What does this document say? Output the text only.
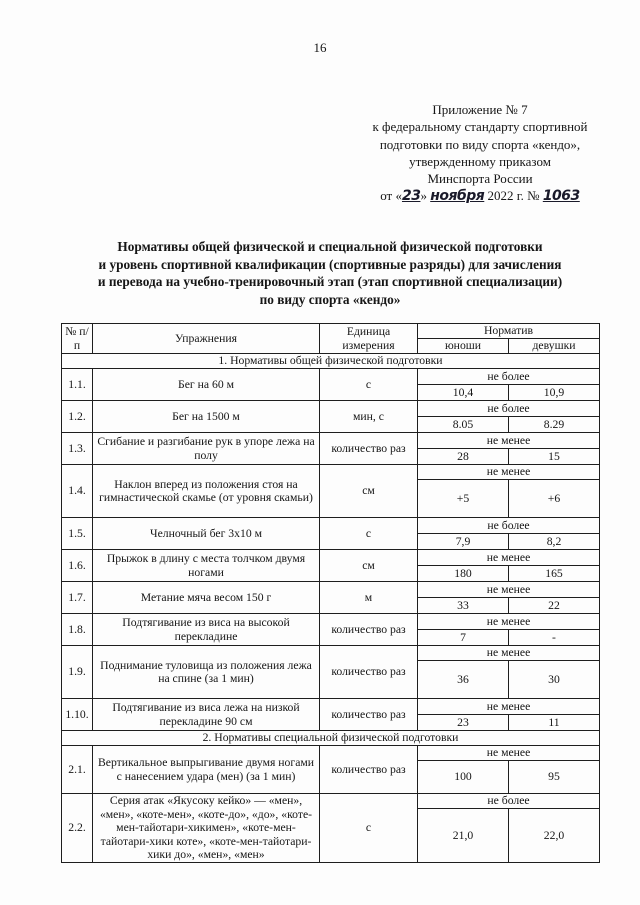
16
Приложение № 7
к федеральному стандарту спортивной
подготовки по виду спорта «кендо»,
утвержденному приказом
Минспорта России
от «23» ноября 2022 г. № 1063
Нормативы общей физической и специальной физической подготовки
и уровень спортивной квалификации (спортивные разряды) для зачисления
и перевода на учебно-тренировочный этап (этап спортивной специализации)
по виду спорта «кендо»
№ п/п	Упражнения	Единица измерения	Норматив	
			юноши	девушки
1. Нормативы общей физической подготовки				
1.1.	Бег на 60 м	с	не более	
			10,4	10,9
1.2.	Бег на 1500 м	мин, с	не более	
			8.05	8.29
1.3.	Сгибание и разгибание рук в упоре лежа на полу	количество раз	не менее	
			28	15
1.4.	Наклон вперед из положения стоя на гимнастической скамье (от уровня скамьи)	см	не менее	
			+5	+6
1.5.	Челночный бег 3х10 м	с	не более	
			7,9	8,2
1.6.	Прыжок в длину с места толчком двумя ногами	см	не менее	
			180	165
1.7.	Метание мяча весом 150 г	м	не менее	
			33	22
1.8.	Подтягивание из виса на высокой перекладине	количество раз	не менее	
			7	-
1.9.	Поднимание туловища из положения лежа на спине (за 1 мин)	количество раз	не менее	
			36	30
1.10.	Подтягивание из виса лежа на низкой перекладине 90 см	количество раз	не менее	
			23	11
2. Нормативы специальной физической подготовки				
2.1.	Вертикальное выпрыгивание двумя ногами с нанесением удара (мен) (за 1 мин)	количество раз	не менее	
			100	95
2.2.	Серия атак «Якусоку кейко» — «мен», «мен», «коте-мен», «коте-до», «до», «коте-мен-тайотари-хикимен», «коте-мен-тайотари-хики коте», «коте-мен-тайотари- хики до», «мен», «мен»	с	не более	
			21,0	22,0
